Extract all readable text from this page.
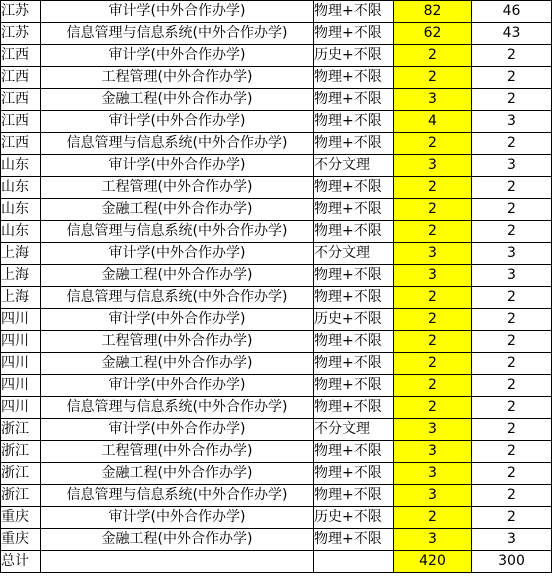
江苏	审计学(中外合作办学)	物理+不限	82	46
江苏	信息管理与信息系统(中外合作办学)	物理+不限	62	43
江西	审计学(中外合作办学)	历史+不限	2	2
江西	工程管理(中外合作办学)	物理+不限	2	2
江西	金融工程(中外合作办学)	物理+不限	3	2
江西	审计学(中外合作办学)	物理+不限	4	3
江西	信息管理与信息系统(中外合作办学)	物理+不限	2	2
山东	审计学(中外合作办学)	不分文理	3	3
山东	工程管理(中外合作办学)	物理+不限	2	2
山东	金融工程(中外合作办学)	物理+不限	2	2
山东	信息管理与信息系统(中外合作办学)	物理+不限	2	2
上海	审计学(中外合作办学)	不分文理	3	3
上海	金融工程(中外合作办学)	物理+不限	3	3
上海	信息管理与信息系统(中外合作办学)	物理+不限	2	2
四川	审计学(中外合作办学)	历史+不限	2	2
四川	工程管理(中外合作办学)	物理+不限	2	2
四川	金融工程(中外合作办学)	物理+不限	2	2
四川	审计学(中外合作办学)	物理+不限	2	2
四川	信息管理与信息系统(中外合作办学)	物理+不限	2	2
浙江	审计学(中外合作办学)	不分文理	3	2
浙江	工程管理(中外合作办学)	物理+不限	3	2
浙江	金融工程(中外合作办学)	物理+不限	3	2
浙江	信息管理与信息系统(中外合作办学)	物理+不限	3	2
重庆	审计学(中外合作办学)	历史+不限	2	2
重庆	金融工程(中外合作办学)	物理+不限	3	3
总计			420	300
